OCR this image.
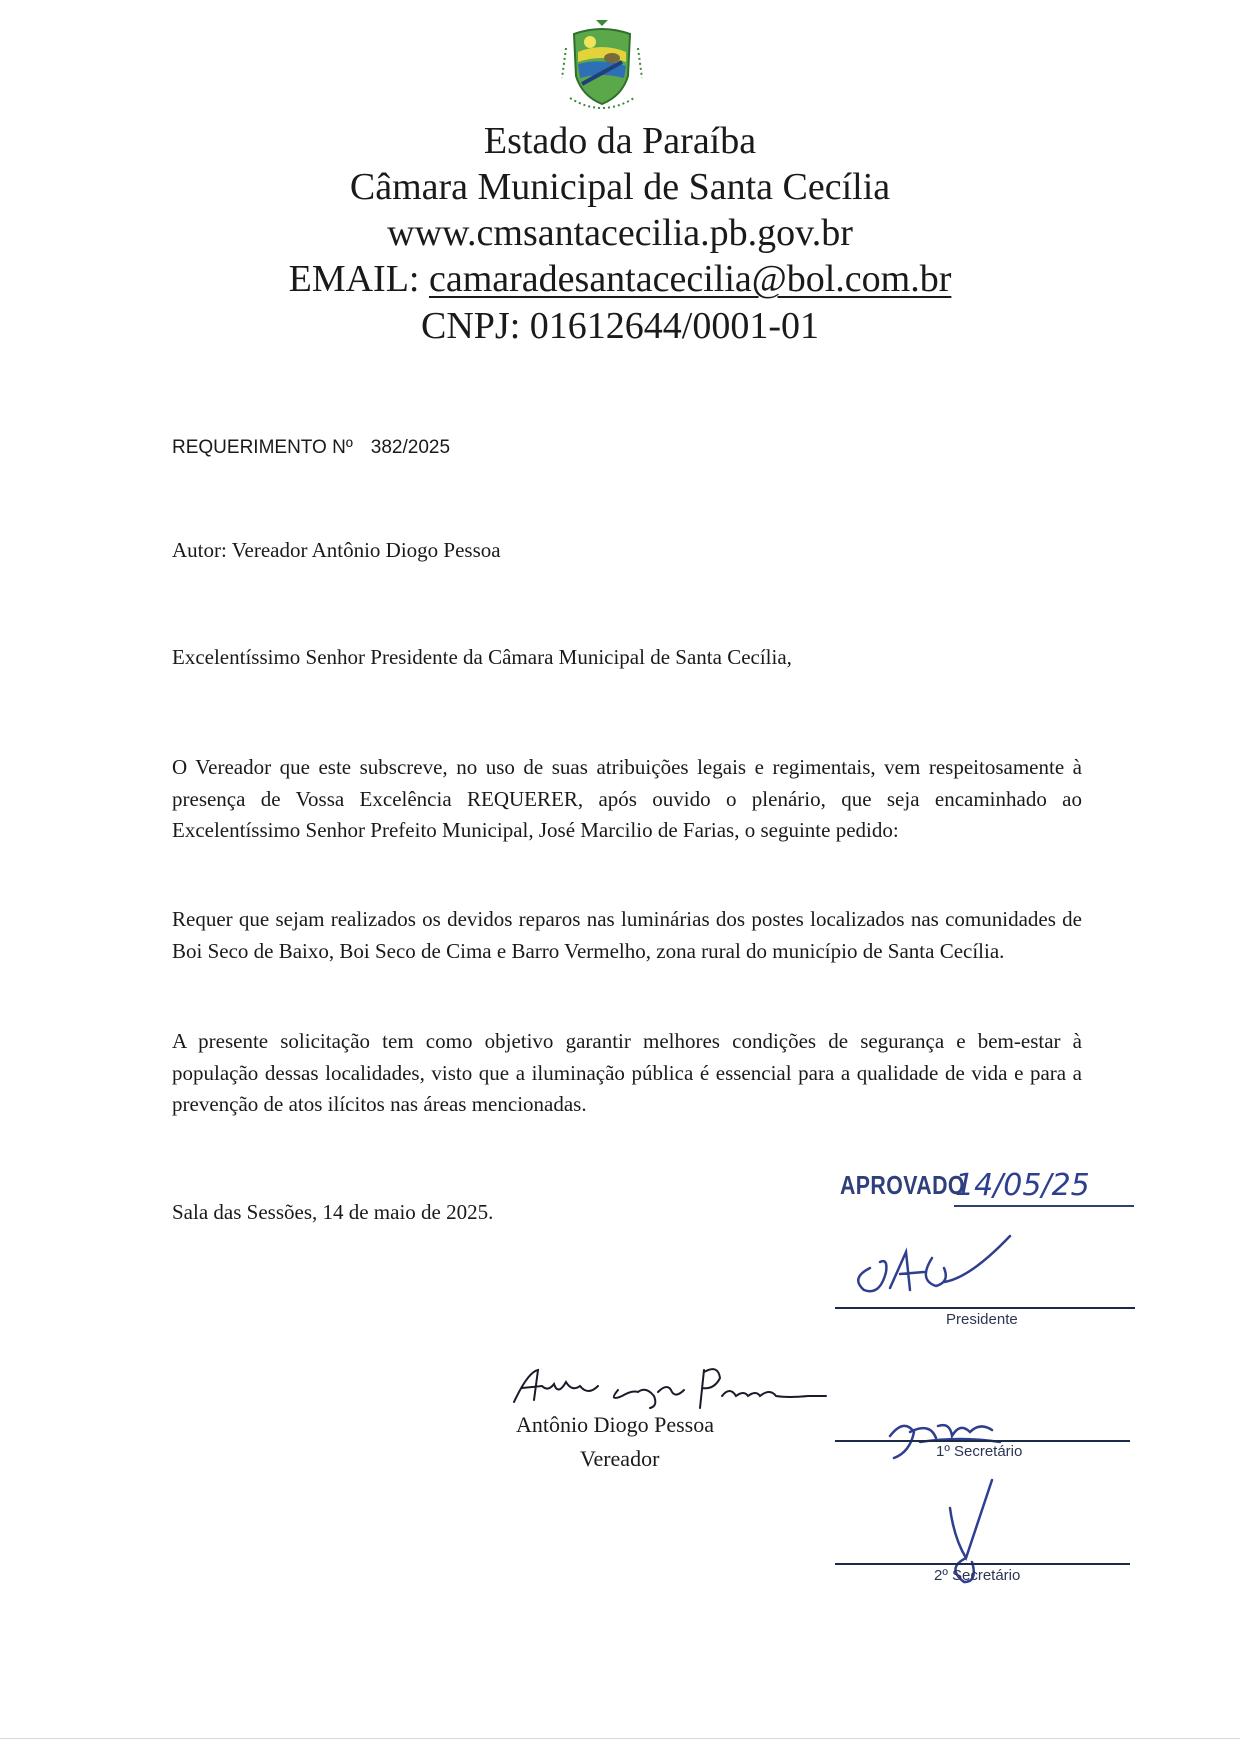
Estado da Paraíba
Câmara Municipal de Santa Cecília
www.cmsantacecilia.pb.gov.br
EMAIL: camaradesantacecilia@bol.com.br
CNPJ: 01612644/0001-01
REQUERIMENTO Nº 382/2025
Autor: Vereador Antônio Diogo Pessoa
Excelentíssimo Senhor Presidente da Câmara Municipal de Santa Cecília,
O Vereador que este subscreve, no uso de suas atribuições legais e regimentais, vem respeitosamente à presença de Vossa Excelência REQUERER, após ouvido o plenário, que seja encaminhado ao Excelentíssimo Senhor Prefeito Municipal, José Marcilio de Farias, o seguinte pedido:
Requer que sejam realizados os devidos reparos nas luminárias dos postes localizados nas comunidades de Boi Seco de Baixo, Boi Seco de Cima e Barro Vermelho, zona rural do município de Santa Cecília.
A presente solicitação tem como objetivo garantir melhores condições de segurança e bem-estar à população dessas localidades, visto que a iluminação pública é essencial para a qualidade de vida e para a prevenção de atos ilícitos nas áreas mencionadas.
Sala das Sessões, 14 de maio de 2025.
APROVADO
14/05/25
Presidente
Antônio Diogo Pessoa
Vereador	1º Secretário
2º Secretário
